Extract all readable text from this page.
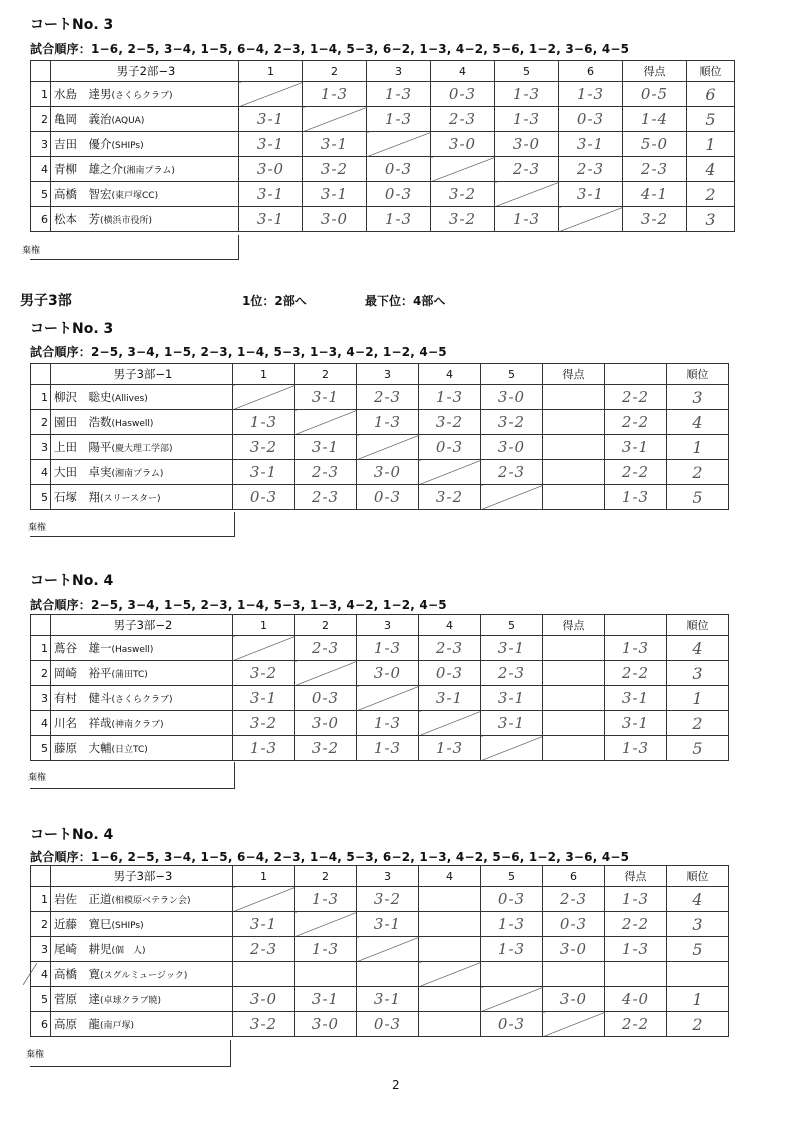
コートNo. 3
試合順序：1−6, 2−5, 3−4, 1−5, 6−4, 2−3, 1−4, 5−3, 6−2, 1−3, 4−2, 5−6, 1−2, 3−6, 4−5
	男子2部−3	1	2	3	4	5	6	得点	順位
1	水島　達男(さくらクラブ)		1-3	1-3	0-3	1-3	1-3	0-5	6
2	亀岡　義治(AQUA)	3-1		1-3	2-3	1-3	0-3	1-4	5
3	吉田　優介(SHIPs)	3-1	3-1		3-0	3-0	3-1	5-0	1
4	青柳　雄之介(湘南プラム)	3-0	3-2	0-3		2-3	2-3	2-3	4
5	高橋　智宏(東戸塚CC)	3-1	3-1	0-3	3-2		3-1	4-1	2
6	松本　芳(横浜市役所)	3-1	3-0	1-3	3-2	1-3		3-2	3
棄権
男子3部	1位：2部へ	最下位：4部へ
コートNo. 3
試合順序：2−5, 3−4, 1−5, 2−3, 1−4, 5−3, 1−3, 4−2, 1−2, 4−5
	男子3部−1	1	2	3	4	5	得点		順位
1	柳沢　聡史(Allives)		3-1	2-3	1-3	3-0		2-2	3
2	園田　浩数(Haswell)	1-3		1-3	3-2	3-2		2-2	4
3	上田　陽平(慶大理工学部)	3-2	3-1		0-3	3-0		3-1	1
4	大田　卓実(湘南プラム)	3-1	2-3	3-0		2-3		2-2	2
5	石塚　翔(スリースター)	0-3	2-3	0-3	3-2			1-3	5
棄権
コートNo. 4
試合順序：2−5, 3−4, 1−5, 2−3, 1−4, 5−3, 1−3, 4−2, 1−2, 4−5
	男子3部−2	1	2	3	4	5	得点		順位
1	蔦谷　雄一(Haswell)		2-3	1-3	2-3	3-1		1-3	4
2	岡崎　裕平(蒲田TC)	3-2		3-0	0-3	2-3		2-2	3
3	有村　健斗(さくらクラブ)	3-1	0-3		3-1	3-1		3-1	1
4	川名　祥哉(神南クラブ)	3-2	3-0	1-3		3-1		3-1	2
5	藤原　大輔(日立TC)	1-3	3-2	1-3	1-3			1-3	5
棄権
コートNo. 4
試合順序：1−6, 2−5, 3−4, 1−5, 6−4, 2−3, 1−4, 5−3, 6−2, 1−3, 4−2, 5−6, 1−2, 3−6, 4−5
	男子3部−3	1	2	3	4	5	6	得点	順位
1	岩佐　正道(相模原ベテラン会)		1-3	3-2		0-3	2-3	1-3	4
2	近藤　寛巳(SHIPs)	3-1		3-1		1-3	0-3	2-2	3
3	尾崎　耕児(個　人)	2-3	1-3			1-3	3-0	1-3	5
4	高橋　寛(スグルミュージック)								
5	菅原　達(卓球クラブ暁)	3-0	3-1	3-1			3-0	4-0	1
6	高原　龍(南戸塚)	3-2	3-0	0-3		0-3		2-2	2
棄権
2
